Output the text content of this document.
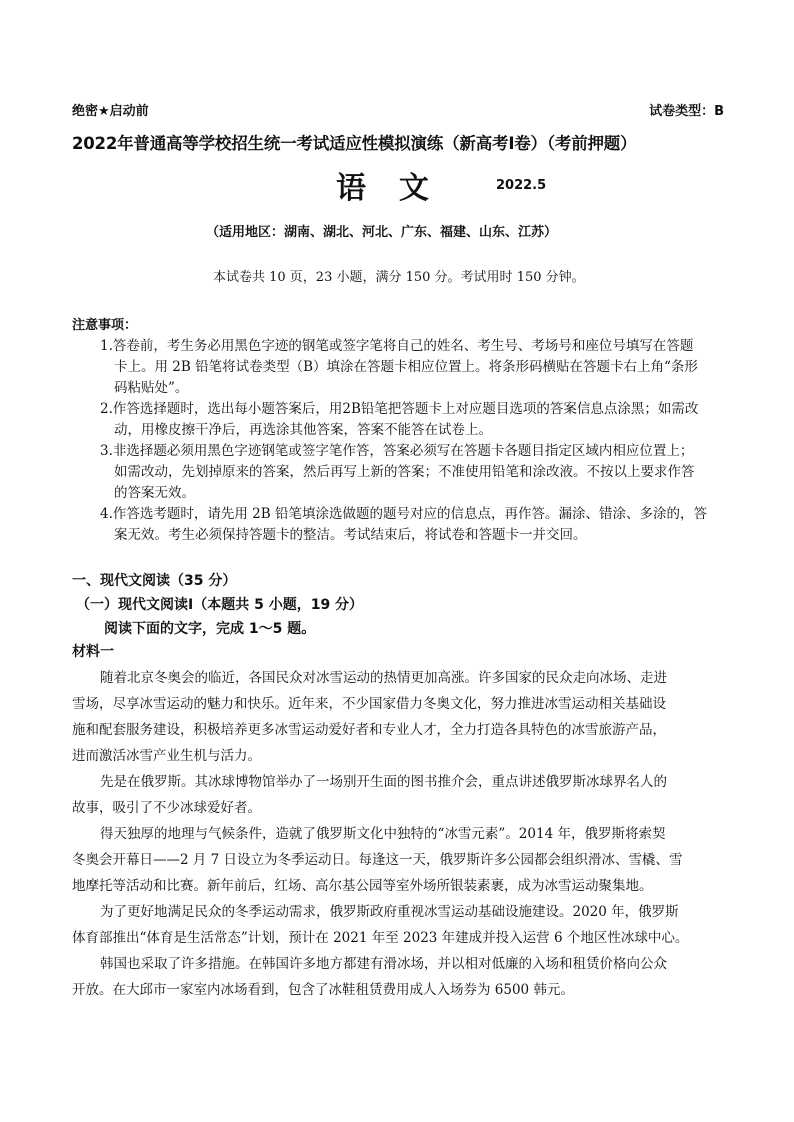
绝密★启动前	试卷类型：B
2022年普通高等学校招生统一考试适应性模拟演练（新高考Ⅰ卷）（考前押题）
语  文	2022.5
（适用地区：湖南、湖北、河北、广东、福建、山东、江苏）
本试卷共 10 页，23 小题，满分 150 分。考试用时 150 分钟。
注意事项：
1.答卷前，考生务必用黑色字迹的钢笔或签字笔将自己的姓名、考生号、考场号和座位号填写在答题
卡上。用 2B 铅笔将试卷类型（B）填涂在答题卡相应位置上。将条形码横贴在答题卡右上角“条形
码粘贴处”。
2.作答选择题时，选出每小题答案后，用2B铅笔把答题卡上对应题目选项的答案信息点涂黑；如需改
动，用橡皮擦干净后，再选涂其他答案，答案不能答在试卷上。
3.非选择题必须用黑色字迹钢笔或签字笔作答，答案必须写在答题卡各题目指定区域内相应位置上；
如需改动，先划掉原来的答案，然后再写上新的答案；不准使用铅笔和涂改液。不按以上要求作答
的答案无效。
4.作答选考题时，请先用 2B 铅笔填涂选做题的题号对应的信息点，再作答。漏涂、错涂、多涂的，答
案无效。考生必须保持答题卡的整洁。考试结束后，将试卷和答题卡一并交回。
一、现代文阅读（35 分）
（一）现代文阅读Ⅰ（本题共 5 小题，19 分）
阅读下面的文字，完成 1～5 题。
材料一
随着北京冬奥会的临近，各国民众对冰雪运动的热情更加高涨。许多国家的民众走向冰场、走进
雪场，尽享冰雪运动的魅力和快乐。近年来，不少国家借力冬奥文化，努力推进冰雪运动相关基础设
施和配套服务建设，积极培养更多冰雪运动爱好者和专业人才，全力打造各具特色的冰雪旅游产品，
进而激活冰雪产业生机与活力。
先是在俄罗斯。其冰球博物馆举办了一场别开生面的图书推介会，重点讲述俄罗斯冰球界名人的
故事，吸引了不少冰球爱好者。
得天独厚的地理与气候条件，造就了俄罗斯文化中独特的“冰雪元素”。2014 年，俄罗斯将索契
冬奥会开幕日——2 月 7 日设立为冬季运动日。每逢这一天，俄罗斯许多公园都会组织滑冰、雪橇、雪
地摩托等活动和比赛。新年前后，红场、高尔基公园等室外场所银装素裹，成为冰雪运动聚集地。
为了更好地满足民众的冬季运动需求，俄罗斯政府重视冰雪运动基础设施建设。2020 年，俄罗斯
体育部推出“体育是生活常态”计划，预计在 2021 年至 2023 年建成并投入运营 6 个地区性冰球中心。
韩国也采取了许多措施。在韩国许多地方都建有滑冰场，并以相对低廉的入场和租赁价格向公众
开放。在大邱市一家室内冰场看到，包含了冰鞋租赁费用成人入场券为 6500 韩元。
